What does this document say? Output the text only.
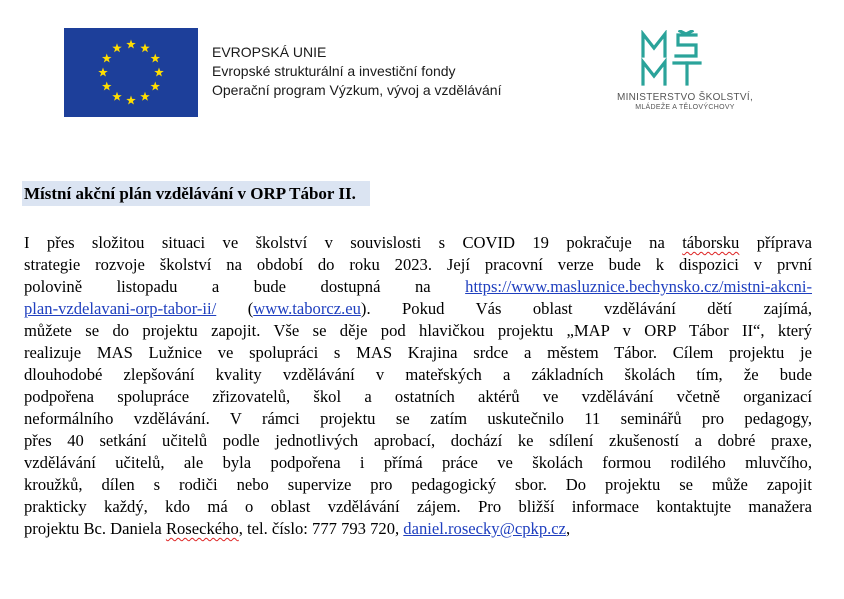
EVROPSKÁ UNIE
Evropské strukturální a investiční fondy
Operační program Výzkum, vývoj a vzdělávání	MINISTERSTVO ŠKOLSTVÍ,
MLÁDEŽE A TĚLOVÝCHOVY
Místní akční plán vzdělávání v ORP Tábor II.
I přes složitou situaci ve školství v souvislosti s COVID 19 pokračuje na táborsku příprava
strategie rozvoje školství na období do roku 2023. Její pracovní verze bude k dispozici v první
polovině listopadu a bude dostupná na https://www.masluznice.bechynsko.cz/mistni-akcni-
plan-vzdelavani-orp-tabor-ii/ (www.taborcz.eu). Pokud Vás oblast vzdělávání dětí zajímá,
můžete se do projektu zapojit. Vše se děje pod hlavičkou projektu „MAP v ORP Tábor II“, který
realizuje MAS Lužnice ve spolupráci s MAS Krajina srdce a městem Tábor. Cílem projektu je
dlouhodobé zlepšování kvality vzdělávání v mateřských a základních školách tím, že bude
podpořena spolupráce zřizovatelů, škol a ostatních aktérů ve vzdělávání včetně organizací
neformálního vzdělávání. V rámci projektu se zatím uskutečnilo 11 seminářů pro pedagogy,
přes 40 setkání učitelů podle jednotlivých aprobací, dochází ke sdílení zkušeností a dobré praxe,
vzdělávání učitelů, ale byla podpořena i přímá práce ve školách formou rodilého mluvčího,
kroužků, dílen s rodiči nebo supervize pro pedagogický sbor. Do projektu se může zapojit
prakticky každý, kdo má o oblast vzdělávání zájem. Pro bližší informace kontaktujte manažera
projektu Bc. Daniela Roseckého, tel. číslo: 777 793 720, daniel.rosecky@cpkp.cz,
